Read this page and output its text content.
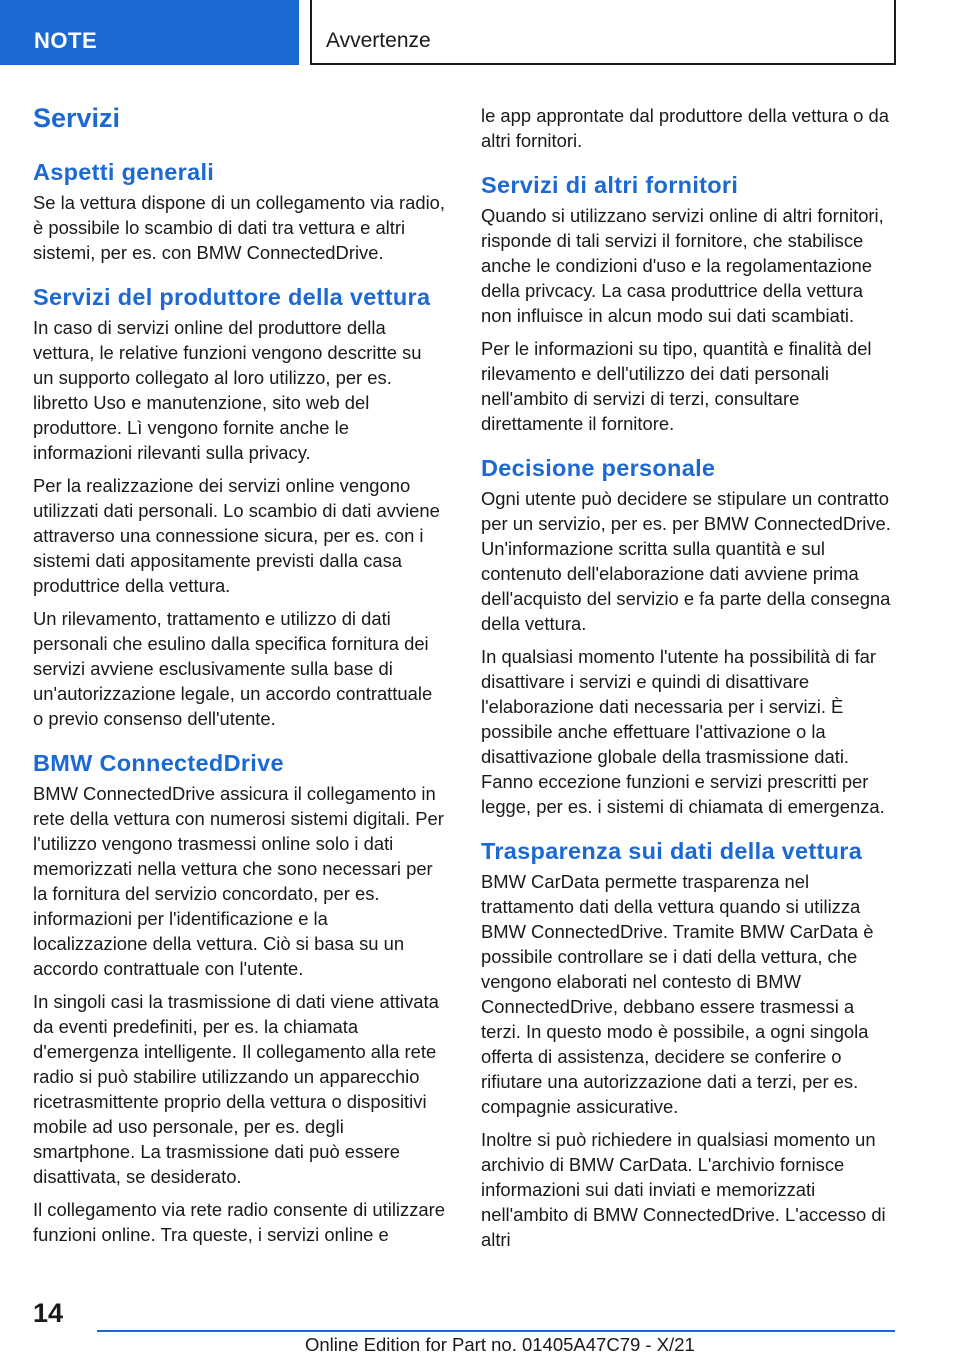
NOTE	Avvertenze
Servizi
Aspetti generali

Se la vettura dispone di un collegamento via radio, è possibile lo scambio di dati tra vettura e altri sistemi, per es. con BMW ConnectedDrive.

Servizi del produttore della vettura

In caso di servizi online del produttore della vettura, le relative funzioni vengono descritte su un supporto collegato al loro utilizzo, per es. libretto Uso e manutenzione, sito web del produttore. Lì vengono fornite anche le informazioni rilevanti sulla privacy.

Per la realizzazione dei servizi online vengono utilizzati dati personali. Lo scambio di dati avviene attraverso una connessione sicura, per es. con i sistemi dati appositamente previsti dalla casa produttrice della vettura.

Un rilevamento, trattamento e utilizzo di dati personali che esulino dalla specifica fornitura dei servizi avviene esclusivamente sulla base di un'autorizzazione legale, un accordo contrattuale o previo consenso dell'utente.

BMW ConnectedDrive

BMW ConnectedDrive assicura il collegamento in rete della vettura con numerosi sistemi digitali. Per l'utilizzo vengono trasmessi online solo i dati memorizzati nella vettura che sono necessari per la fornitura del servizio concordato, per es. informazioni per l'identificazione e la localizzazione della vettura. Ciò si basa su un accordo contrattuale con l'utente.

In singoli casi la trasmissione di dati viene attivata da eventi predefiniti, per es. la chiamata d'emergenza intelligente. Il collegamento alla rete radio si può stabilire utilizzando un apparecchio ricetrasmittente proprio della vettura o dispositivi mobile ad uso personale, per es. degli smartphone. La trasmissione dati può essere disattivata, se desiderato.

Il collegamento via rete radio consente di utilizzare funzioni online. Tra queste, i servizi online e

le app approntate dal produttore della vettura o da altri fornitori.

Servizi di altri fornitori

Quando si utilizzano servizi online di altri fornitori, risponde di tali servizi il fornitore, che stabilisce anche le condizioni d'uso e la regolamentazione della privcacy. La casa produttrice della vettura non influisce in alcun modo sui dati scambiati.

Per le informazioni su tipo, quantità e finalità del rilevamento e dell'utilizzo dei dati personali nell'ambito di servizi di terzi, consultare direttamente il fornitore.

Decisione personale

Ogni utente può decidere se stipulare un contratto per un servizio, per es. per BMW ConnectedDrive. Un'informazione scritta sulla quantità e sul contenuto dell'elaborazione dati avviene prima dell'acquisto del servizio e fa parte della consegna della vettura.

In qualsiasi momento l'utente ha possibilità di far disattivare i servizi e quindi di disattivare l'elaborazione dati necessaria per i servizi. È possibile anche effettuare l'attivazione o la disattivazione globale della trasmissione dati. Fanno eccezione funzioni e servizi prescritti per legge, per es. i sistemi di chiamata di emergenza.

Trasparenza sui dati della vettura

BMW CarData permette trasparenza nel trattamento dati della vettura quando si utilizza BMW ConnectedDrive. Tramite BMW CarData è possibile controllare se i dati della vettura, che vengono elaborati nel contesto di BMW ConnectedDrive, debbano essere trasmessi a terzi. In questo modo è possibile, a ogni singola offerta di assistenza, decidere se conferire o rifiutare una autorizzazione dati a terzi, per es. compagnie assicurative.

Inoltre si può richiedere in qualsiasi momento un archivio di BMW CarData. L'archivio fornisce informazioni sui dati inviati e memorizzati nell'ambito di BMW ConnectedDrive. L'accesso di altri

14
Online Edition for Part no. 01405A47C79 - X/21
